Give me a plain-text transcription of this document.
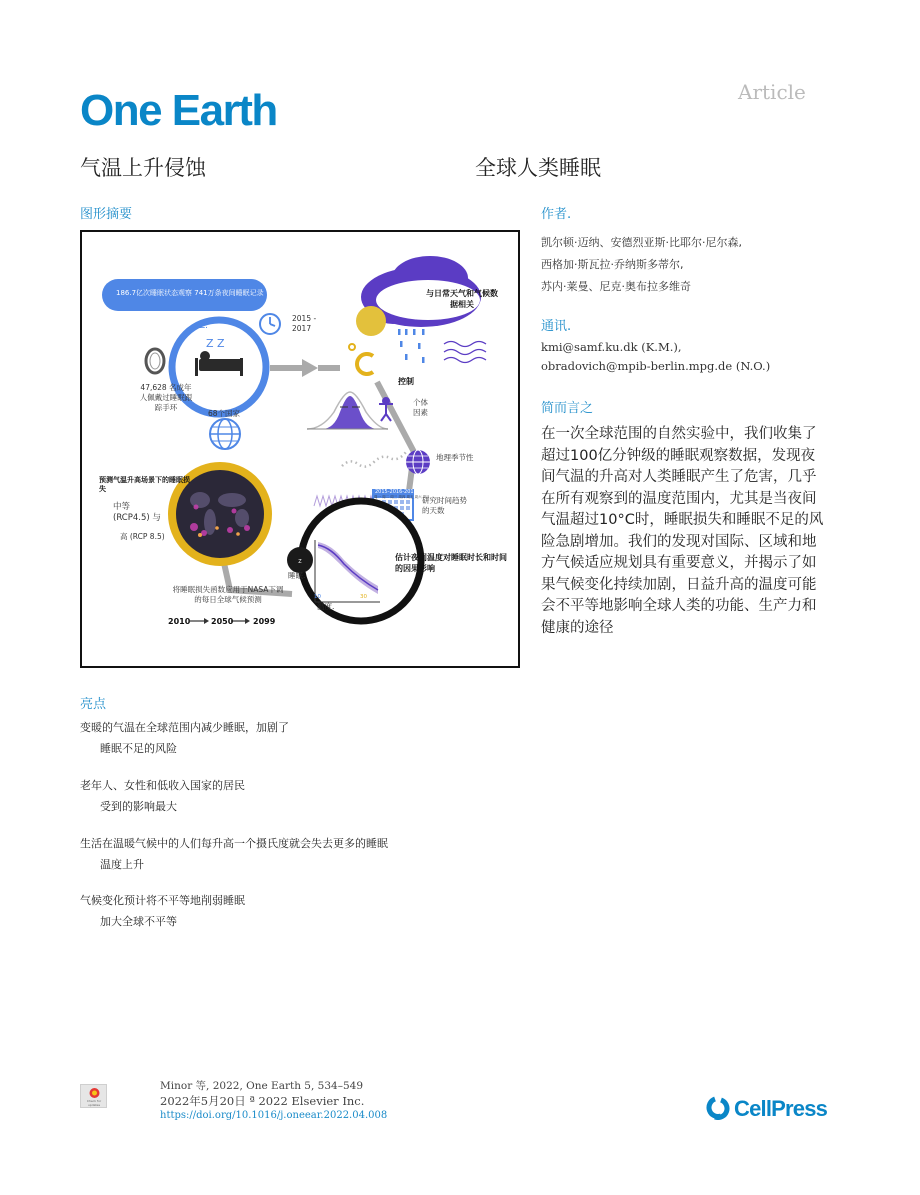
One Earth	Article
气温上升侵蚀	全球人类睡眠
图形摘要	作者.
Z
186.7亿次睡眠状态观察 741万条夜间睡眠记录
2015 - 2017
Z.
Z Z
47,628 名成年人佩戴过睡眠跟踪手环
68个国家
与日常天气和气候数据相关
控制
个体因素
地理季节性
2015-2016-2017
周一 周二 周三 周四 周五 周六 周日
研究时间趋势的天数
预测气温升高场景下的睡眠损失
中等 (RCP4.5) 与
高 (RCP 8.5)
将睡眠损失函数应用于NASA下调的每日全球气候预测
2010	2050 2099
估计夜间温度对睡眠时长和时间的因果影响
睡眠.
温度.
10	30
凯尔顿·迈纳、安德烈亚斯·比耶尔·尼尔森,
西格加·斯瓦拉·乔纳斯多蒂尔,
苏内·莱曼、尼克·奥布拉多维奇
通讯.
kmi@samf.ku.dk (K.M.),
obradovich@mpib-berlin.mpg.de (N.O.)
简而言之
在一次全球范围的自然实验中，我们收集了超过100亿分钟级的睡眠观察数据，发现夜间气温的升高对人类睡眠产生了危害，几乎在所有观察到的温度范围内，尤其是当夜间气温超过10°C时，睡眠损失和睡眠不足的风险急剧增加。我们的发现对国际、区域和地方气候适应规划具有重要意义，并揭示了如果气候变化持续加剧，日益升高的温度可能会不平等地影响全球人类的功能、生产力和健康的途径
亮点
变暖的气温在全球范围内减少睡眠，加剧了
睡眠不足的风险
老年人、女性和低收入国家的居民
受到的影响最大
生活在温暖气候中的人们每升高一个摄氏度就会失去更多的睡眠
温度上升
气候变化预计将不平等地削弱睡眠
加大全球不平等
Check for updates
Minor 等, 2022, One Earth 5, 534–549
2022年5月20日 ª 2022 Elsevier Inc.
https://doi.org/10.1016/j.oneear.2022.04.008	CellPress
